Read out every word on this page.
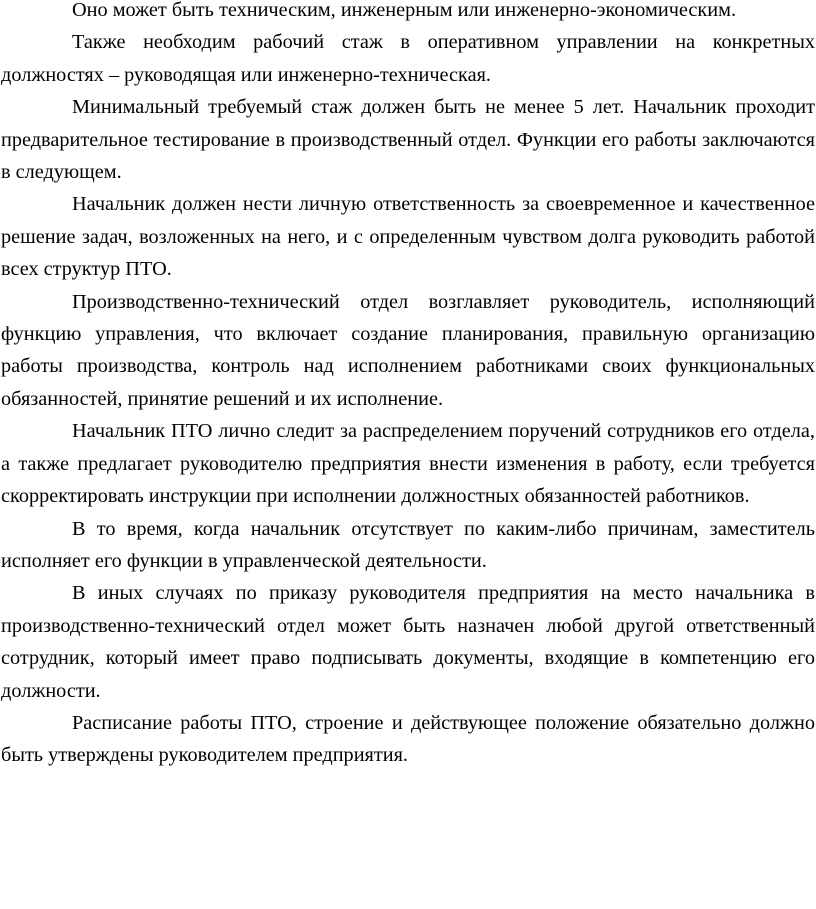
Оно может быть техническим, инженерным или инженерно-экономическим.

Также необходим рабочий стаж в оперативном управлении на конкретных должностях – руководящая или инженерно-техническая.

Минимальный требуемый стаж должен быть не менее 5 лет. Начальник проходит предварительное тестирование в производственный отдел. Функции его работы заключаются в следующем.

Начальник должен нести личную ответственность за своевременное и качественное решение задач, возложенных на него, и с определенным чувством долга руководить работой всех структур ПТО.

Производственно-технический отдел возглавляет руководитель, исполняющий функцию управления, что включает создание планирования, правильную организацию работы производства, контроль над исполнением работниками своих функциональных обязанностей, принятие решений и их исполнение.

Начальник ПТО лично следит за распределением поручений сотрудников его отдела, а также предлагает руководителю предприятия внести изменения в работу, если требуется скорректировать инструкции при исполнении должностных обязанностей работников.

В то время, когда начальник отсутствует по каким-либо причинам, заместитель исполняет его функции в управленческой деятельности.

В иных случаях по приказу руководителя предприятия на место начальника в производственно-технический отдел может быть назначен любой другой ответственный сотрудник, который имеет право подписывать документы, входящие в компетенцию его должности.

Расписание работы ПТО, строение и действующее положение обязательно должно быть утверждены руководителем предприятия.
